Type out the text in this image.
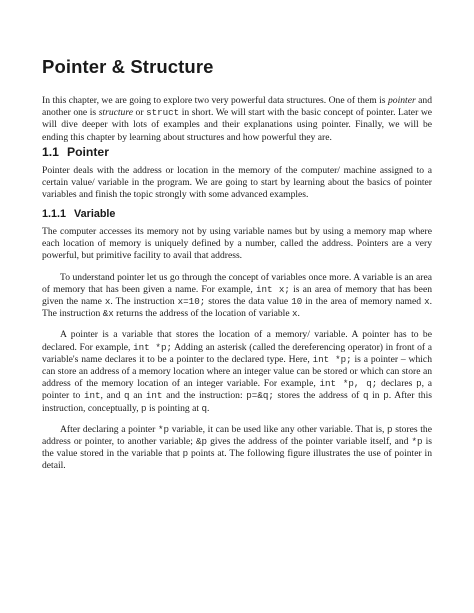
Pointer & Structure

In this chapter, we are going to explore two very powerful data structures. One of them is pointer and another one is structure or struct in short. We will start with the basic concept of pointer. Later we will dive deeper with lots of examples and their explanations using pointer. Finally, we will be ending this chapter by learning about structures and how powerful they are.

1.1 Pointer

Pointer deals with the address or location in the memory of the computer/ machine assigned to a certain value/ variable in the program. We are going to start by learning about the basics of pointer variables and finish the topic strongly with some advanced examples.

1.1.1 Variable

The computer accesses its memory not by using variable names but by using a memory map where each location of memory is uniquely defined by a number, called the address. Pointers are a very powerful, but primitive facility to avail that address.

To understand pointer let us go through the concept of variables once more. A variable is an area of memory that has been given a name. For example, int x; is an area of memory that has been given the name x. The instruction x=10; stores the data value 10 in the area of memory named x. The instruction &x returns the address of the location of variable x.

A pointer is a variable that stores the location of a memory/ variable. A pointer has to be declared. For example, int *p; Adding an asterisk (called the dereferencing operator) in front of a variable's name declares it to be a pointer to the declared type. Here, int *p; is a pointer – which can store an address of a memory location where an integer value can be stored or which can store an address of the memory location of an integer variable. For example, int *p, q; declares p, a pointer to int, and q an int and the instruction: p=&q; stores the address of q in p. After this instruction, conceptually, p is pointing at q.

After declaring a pointer *p variable, it can be used like any other variable. That is, p stores the address or pointer, to another variable; &p gives the address of the pointer variable itself, and *p is the value stored in the variable that p points at. The following figure illustrates the use of pointer in detail.
